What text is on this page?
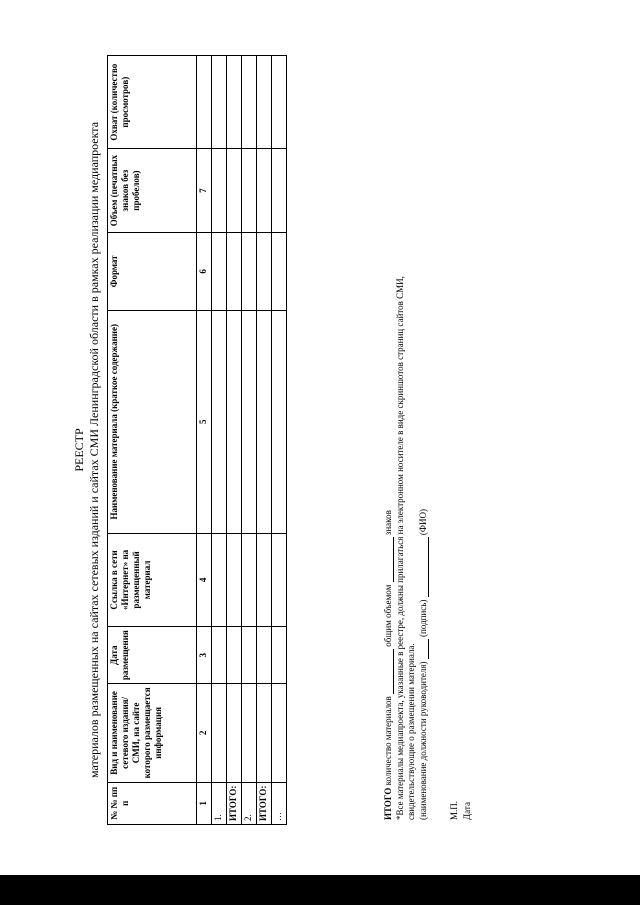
РЕЕСТР материалов размещенных на сайтах сетевых изданий и сайтах СМИ Ленинградской области в рамках реализации медиапроекта
№ № пп п	Вид и наименование сетевого издания/СМИ, на сайте которого размещается информация	Дата размещения	Ссылка в сети «Интернет» на размещенный материал	Наименование материала (краткое содержание)	Формат	Объем (печатных знаков без пробелов)	Охват (количество просмотров)
1	2	3	4	5	6	7	
1.							
ИТОГО:							
2.							
ИТОГО:							
…								ИТОГО количество материалов  общим объемом  знаков *Все материалы медиапроекта, указанные в реестре, должны прилагаться на электронном носителе в виде скриншотов страниц сайтов СМИ, свидетельствующие о размещении материала. (наименование должности руководителя)  (подпись)  (ФИО)
М.П. Дата
